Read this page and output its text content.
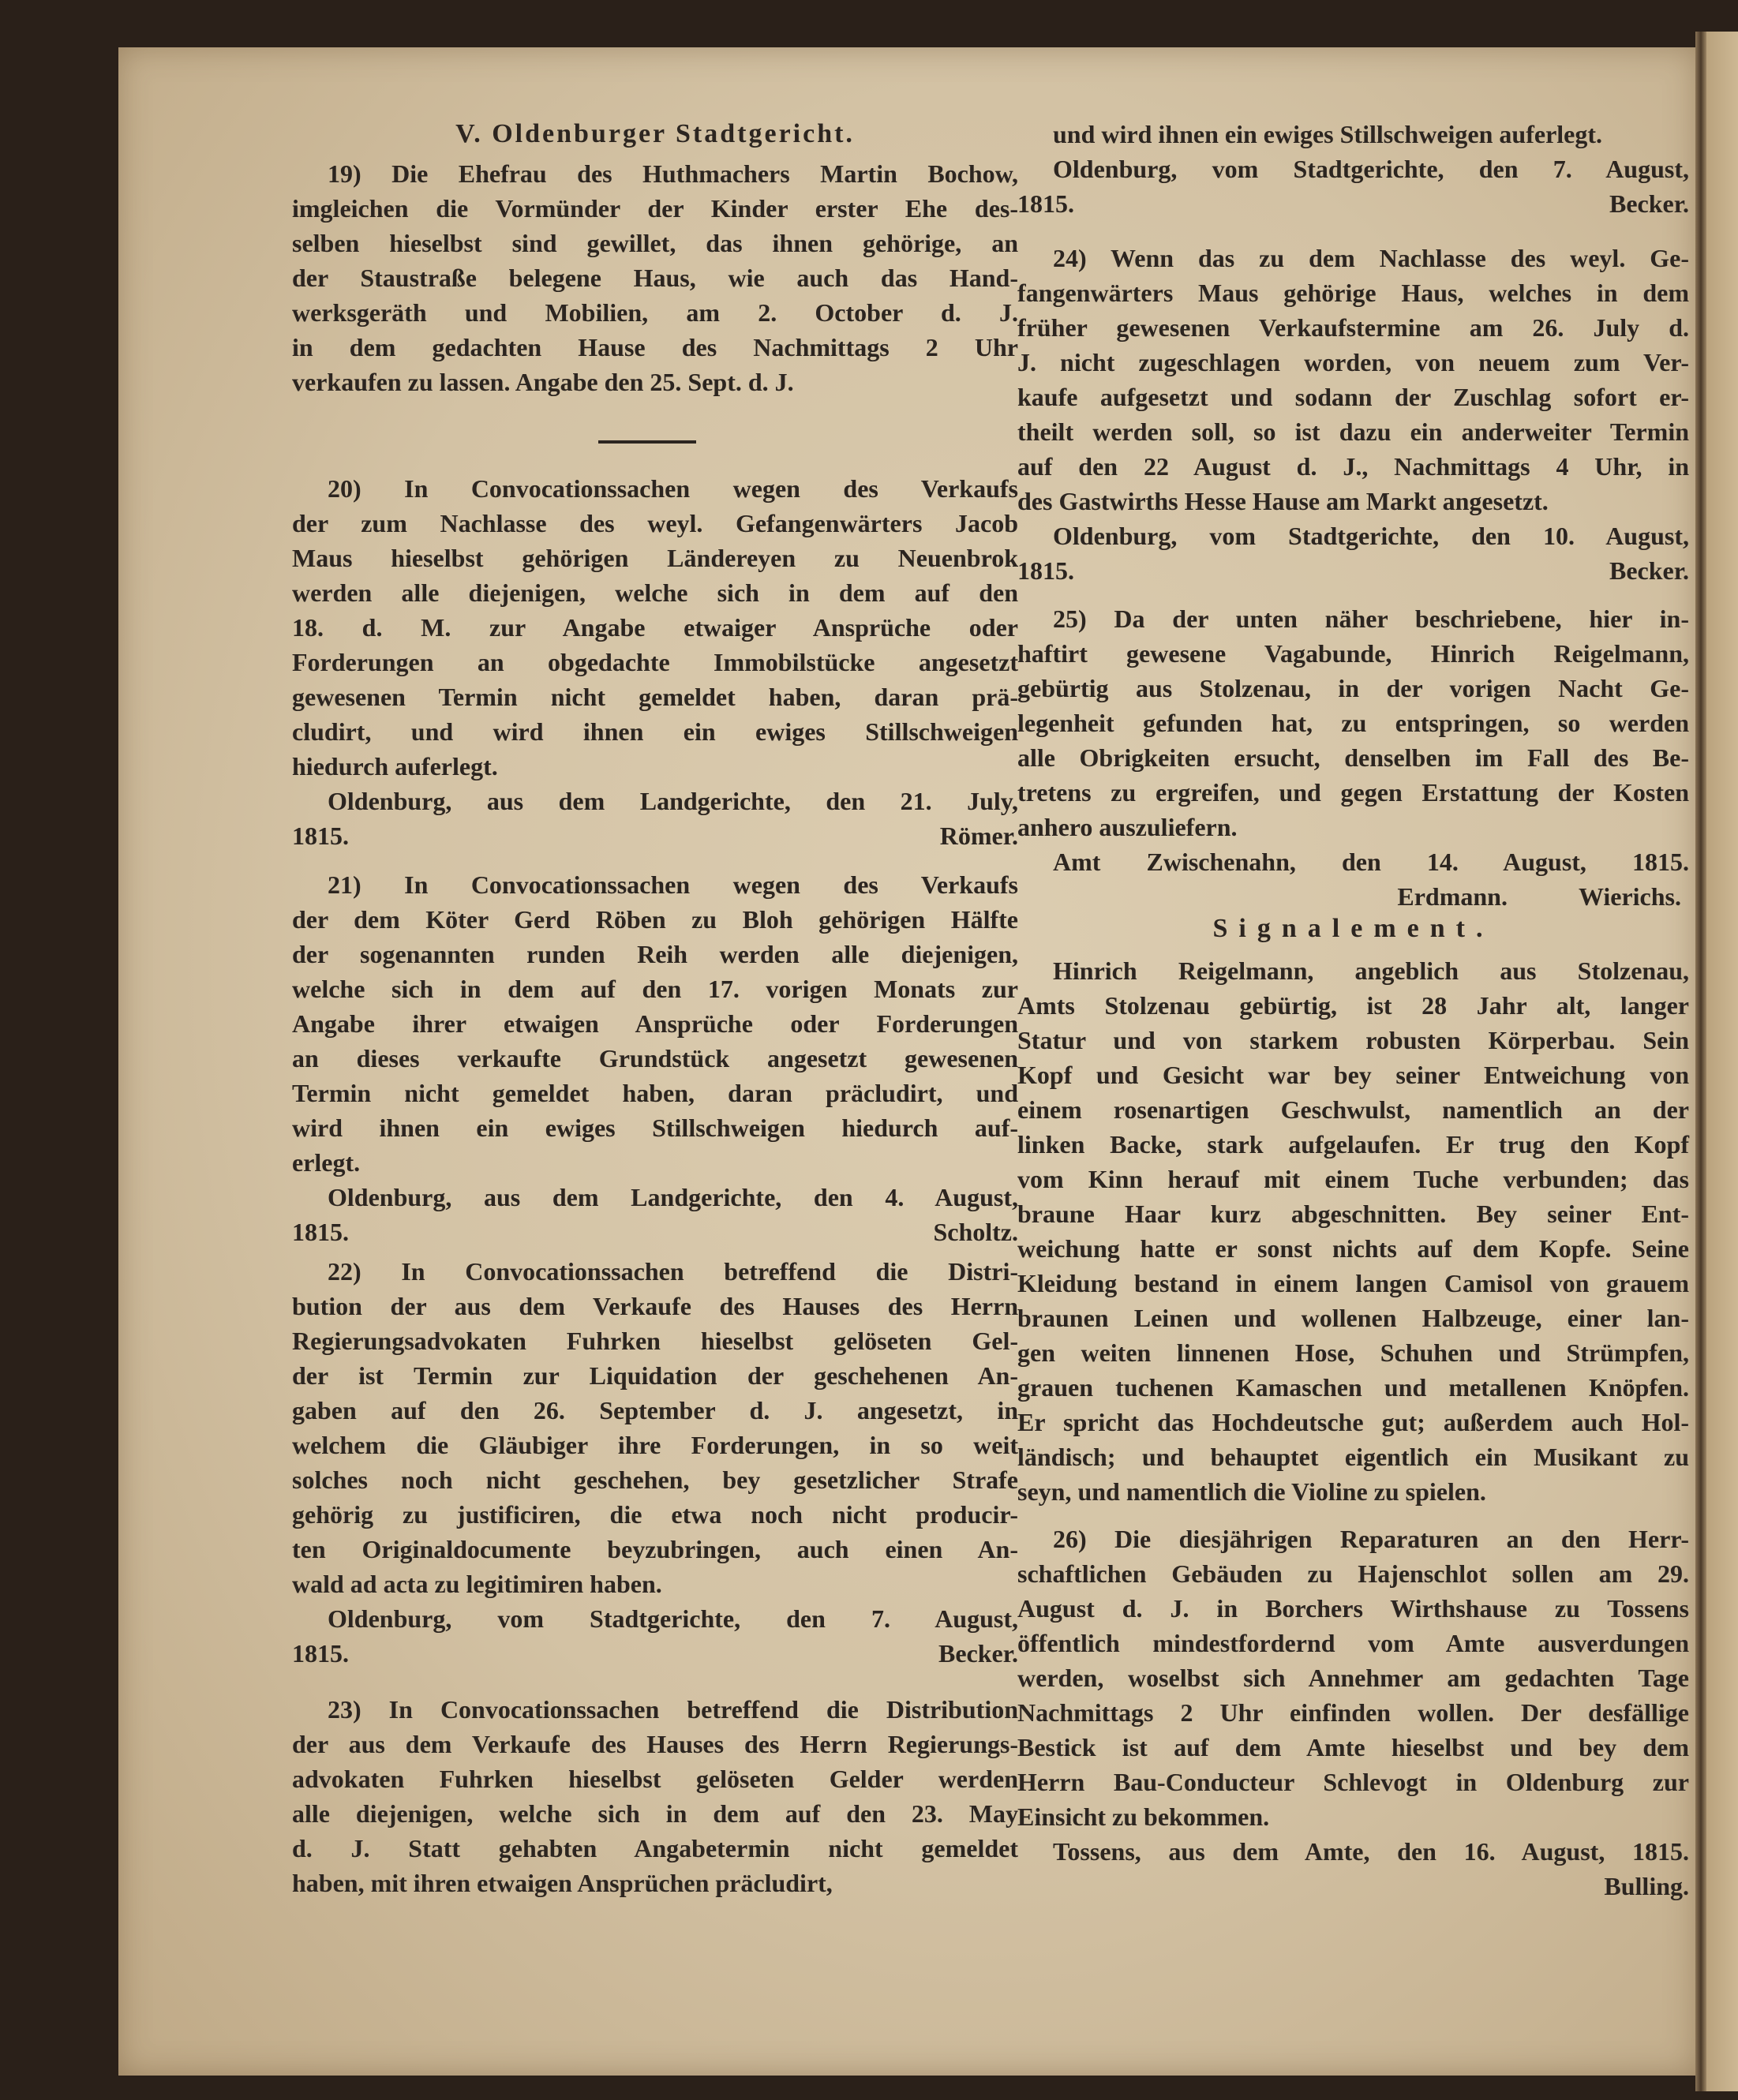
V. Oldenburger Stadtgericht.
19) Die Ehefrau des Huthmachers Martin Bochow,
imgleichen die Vormünder der Kinder erster Ehe des-
selben hieselbst sind gewillet, das ihnen gehörige, an
der Staustraße belegene Haus, wie auch das Hand-
werksgeräth und Mobilien, am 2. October d. J.
in dem gedachten Hause des Nachmittags 2 Uhr
verkaufen zu lassen. Angabe den 25. Sept. d. J.
20) In Convocationssachen wegen des Verkaufs
der zum Nachlasse des weyl. Gefangenwärters Jacob
Maus hieselbst gehörigen Ländereyen zu Neuenbrok
werden alle diejenigen, welche sich in dem auf den
18. d. M. zur Angabe etwaiger Ansprüche oder
Forderungen an obgedachte Immobilstücke angesetzt
gewesenen Termin nicht gemeldet haben, daran prä-
cludirt, und wird ihnen ein ewiges Stillschweigen
hiedurch auferlegt.
Oldenburg, aus dem Landgerichte, den 21. July,
1815.	Römer.
21) In Convocationssachen wegen des Verkaufs
der dem Köter Gerd Röben zu Bloh gehörigen Hälfte
der sogenannten runden Reih werden alle diejenigen,
welche sich in dem auf den 17. vorigen Monats zur
Angabe ihrer etwaigen Ansprüche oder Forderungen
an dieses verkaufte Grundstück angesetzt gewesenen
Termin nicht gemeldet haben, daran präcludirt, und
wird ihnen ein ewiges Stillschweigen hiedurch auf-
erlegt.
Oldenburg, aus dem Landgerichte, den 4. August,
1815.	Scholtz.
22) In Convocationssachen betreffend die Distri-
bution der aus dem Verkaufe des Hauses des Herrn
Regierungsadvokaten Fuhrken hieselbst gelöseten Gel-
der ist Termin zur Liquidation der geschehenen An-
gaben auf den 26. September d. J. angesetzt, in
welchem die Gläubiger ihre Forderungen, in so weit
solches noch nicht geschehen, bey gesetzlicher Strafe
gehörig zu justificiren, die etwa noch nicht producir-
ten Originaldocumente beyzubringen, auch einen An-
wald ad acta zu legitimiren haben.
Oldenburg, vom Stadtgerichte, den 7. August,
1815.	Becker.
23) In Convocationssachen betreffend die Distribution
der aus dem Verkaufe des Hauses des Herrn Regierungs-
advokaten Fuhrken hieselbst gelöseten Gelder werden
alle diejenigen, welche sich in dem auf den 23. May
d. J. Statt gehabten Angabetermin nicht gemeldet
haben, mit ihren etwaigen Ansprüchen präcludirt,
und wird ihnen ein ewiges Stillschweigen auferlegt.
Oldenburg, vom Stadtgerichte, den 7. August,
1815.	Becker.
24) Wenn das zu dem Nachlasse des weyl. Ge-
fangenwärters Maus gehörige Haus, welches in dem
früher gewesenen Verkaufstermine am 26. July d.
J. nicht zugeschlagen worden, von neuem zum Ver-
kaufe aufgesetzt und sodann der Zuschlag sofort er-
theilt werden soll, so ist dazu ein anderweiter Termin
auf den 22 August d. J., Nachmittags 4 Uhr, in
des Gastwirths Hesse Hause am Markt angesetzt.
Oldenburg, vom Stadtgerichte, den 10. August,
1815.	Becker.
25) Da der unten näher beschriebene, hier in-
haftirt gewesene Vagabunde, Hinrich Reigelmann,
gebürtig aus Stolzenau, in der vorigen Nacht Ge-
legenheit gefunden hat, zu entspringen, so werden
alle Obrigkeiten ersucht, denselben im Fall des Be-
tretens zu ergreifen, und gegen Erstattung der Kosten
anhero auszuliefern.
Amt Zwischenahn, den 14. August, 1815.
Erdmann.	Wierichs.
Signalement.
Hinrich Reigelmann, angeblich aus Stolzenau,
Amts Stolzenau gebürtig, ist 28 Jahr alt, langer
Statur und von starkem robusten Körperbau. Sein
Kopf und Gesicht war bey seiner Entweichung von
einem rosenartigen Geschwulst, namentlich an der
linken Backe, stark aufgelaufen. Er trug den Kopf
vom Kinn herauf mit einem Tuche verbunden; das
braune Haar kurz abgeschnitten. Bey seiner Ent-
weichung hatte er sonst nichts auf dem Kopfe. Seine
Kleidung bestand in einem langen Camisol von grauem
braunen Leinen und wollenen Halbzeuge, einer lan-
gen weiten linnenen Hose, Schuhen und Strümpfen,
grauen tuchenen Kamaschen und metallenen Knöpfen.
Er spricht das Hochdeutsche gut; außerdem auch Hol-
ländisch; und behauptet eigentlich ein Musikant zu
seyn, und namentlich die Violine zu spielen.
26) Die diesjährigen Reparaturen an den Herr-
schaftlichen Gebäuden zu Hajenschlot sollen am 29.
August d. J. in Borchers Wirthshause zu Tossens
öffentlich mindestfordernd vom Amte ausverdungen
werden, woselbst sich Annehmer am gedachten Tage
Nachmittags 2 Uhr einfinden wollen. Der desfällige
Bestick ist auf dem Amte hieselbst und bey dem
Herrn Bau-Conducteur Schlevogt in Oldenburg zur
Einsicht zu bekommen.
Tossens, aus dem Amte, den 16. August, 1815.
Bulling.
